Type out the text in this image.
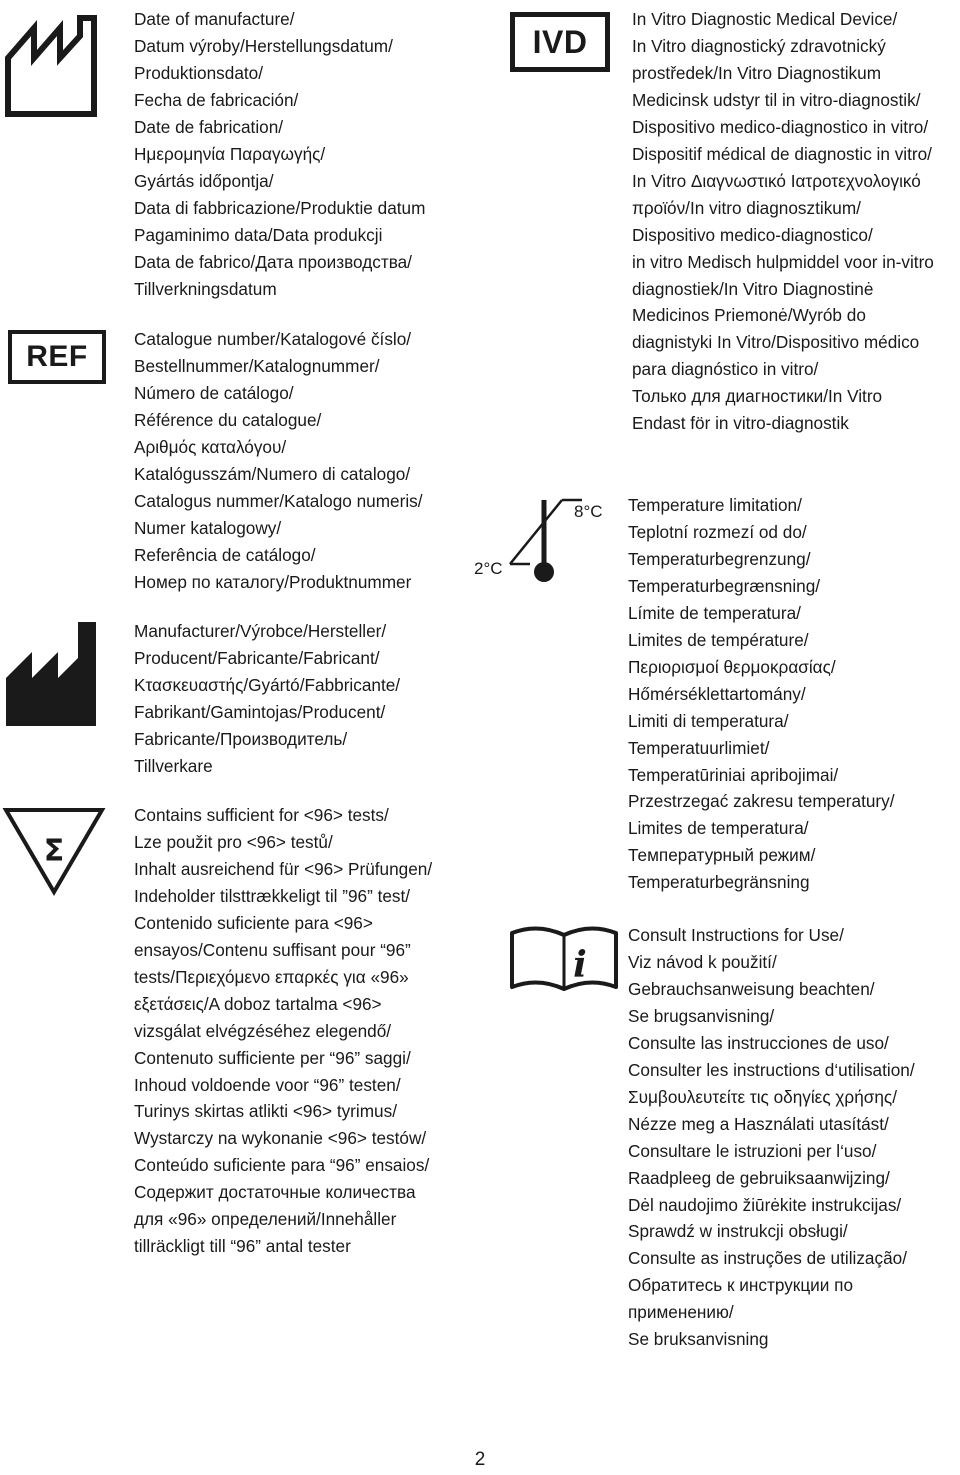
REF
Σ
IVD
8°C
2°C
i
Date of manufacture/
Datum výroby/Herstellungsdatum/
Produktionsdato/
Fecha de fabricación/
Date de fabrication/
Ημερομηνία Παραγωγής/
Gyártás időpontja/
Data di fabbricazione/Produktie datum
Pagaminimo data/Data produkcji
Data de fabrico/Дата производства/
Tillverkningsdatum
Catalogue number/Katalogové číslo/
Bestellnummer/Katalognummer/
Número de catálogo/
Référence du catalogue/
Αριθμός καταλόγου/
Katalógusszám/Numero di catalogo/
Catalogus nummer/Katalogo numeris/
Numer katalogowy/
Referência de catálogo/
Номер по каталогу/Produktnummer
Manufacturer/Výrobce/Hersteller/
Producent/Fabricante/Fabricant/
Κτασκευαστής/Gyártó/Fabbricante/
Fabrikant/Gamintojas/Producent/
Fabricante/Производитель/
Tillverkare
Contains sufficient for <96> tests/
Lze použit pro <96> testů/
Inhalt ausreichend für <96> Prüfungen/
Indeholder tilsttrækkeligt til ”96” test/
Contenido suficiente para <96>
ensayos/Contenu suffisant pour “96”
tests/Περιεχόμενο επαρκές για «96»
εξετάσεις/A doboz tartalma <96>
vizsgálat elvégzéséhez elegendő/
Contenuto sufficiente per “96” saggi/
Inhoud voldoende voor “96” testen/
Turinys skirtas atlikti <96> tyrimus/
Wystarczy na wykonanie <96> testów/
Conteúdo suficiente para “96” ensaios/
Содержит достаточные количества
для «96» определений/Innehåller
tillräckligt till “96” antal tester
In Vitro Diagnostic Medical Device/
In Vitro diagnostický zdravotnický
prostředek/In Vitro Diagnostikum
Medicinsk udstyr til in vitro-diagnostik/
Dispositivo medico-diagnostico in vitro/
Dispositif médical de diagnostic in vitro/
In Vitro Διαγνωστικό Ιατροτεχνολογικό
προϊόν/In vitro diagnosztikum/
Dispositivo medico-diagnostico/
in vitro Medisch hulpmiddel voor in-vitro
diagnostiek/In Vitro Diagnostinė
Medicinos Priemonė/Wyrób do
diagnistyki In Vitro/Dispositivo médico
para diagnóstico in vitro/
Только для диагностики/In Vitro
Endast för in vitro-diagnostik
Temperature limitation/
Teplotní rozmezí od do/
Temperaturbegrenzung/
Temperaturbegrænsning/
Límite de temperatura/
Limites de température/
Περιορισμοί θερμοκρασίας/
Hőmérséklettartomány/
Limiti di temperatura/
Temperatuurlimiet/
Temperatūriniai apribojimai/
Przestrzegać zakresu temperatury/
Limites de temperatura/
Температурный режим/
Temperaturbegränsning
Consult Instructions for Use/
Viz návod k použití/
Gebrauchsanweisung beachten/
Se brugsanvisning/
Consulte las instrucciones de uso/
Consulter les instructions d‘utilisation/
Συμβουλευτείτε τις οδηγίες χρήσης/
Nézze meg a Használati utasítást/
Consultare le istruzioni per l‘uso/
Raadpleeg de gebruiksaanwijzing/
Dėl naudojimo žiūrėkite instrukcijas/
Sprawdź w instrukcji obsługi/
Consulte as instruções de utilização/
Обратитесь к инструкции по
применению/
Se bruksanvisning
2
